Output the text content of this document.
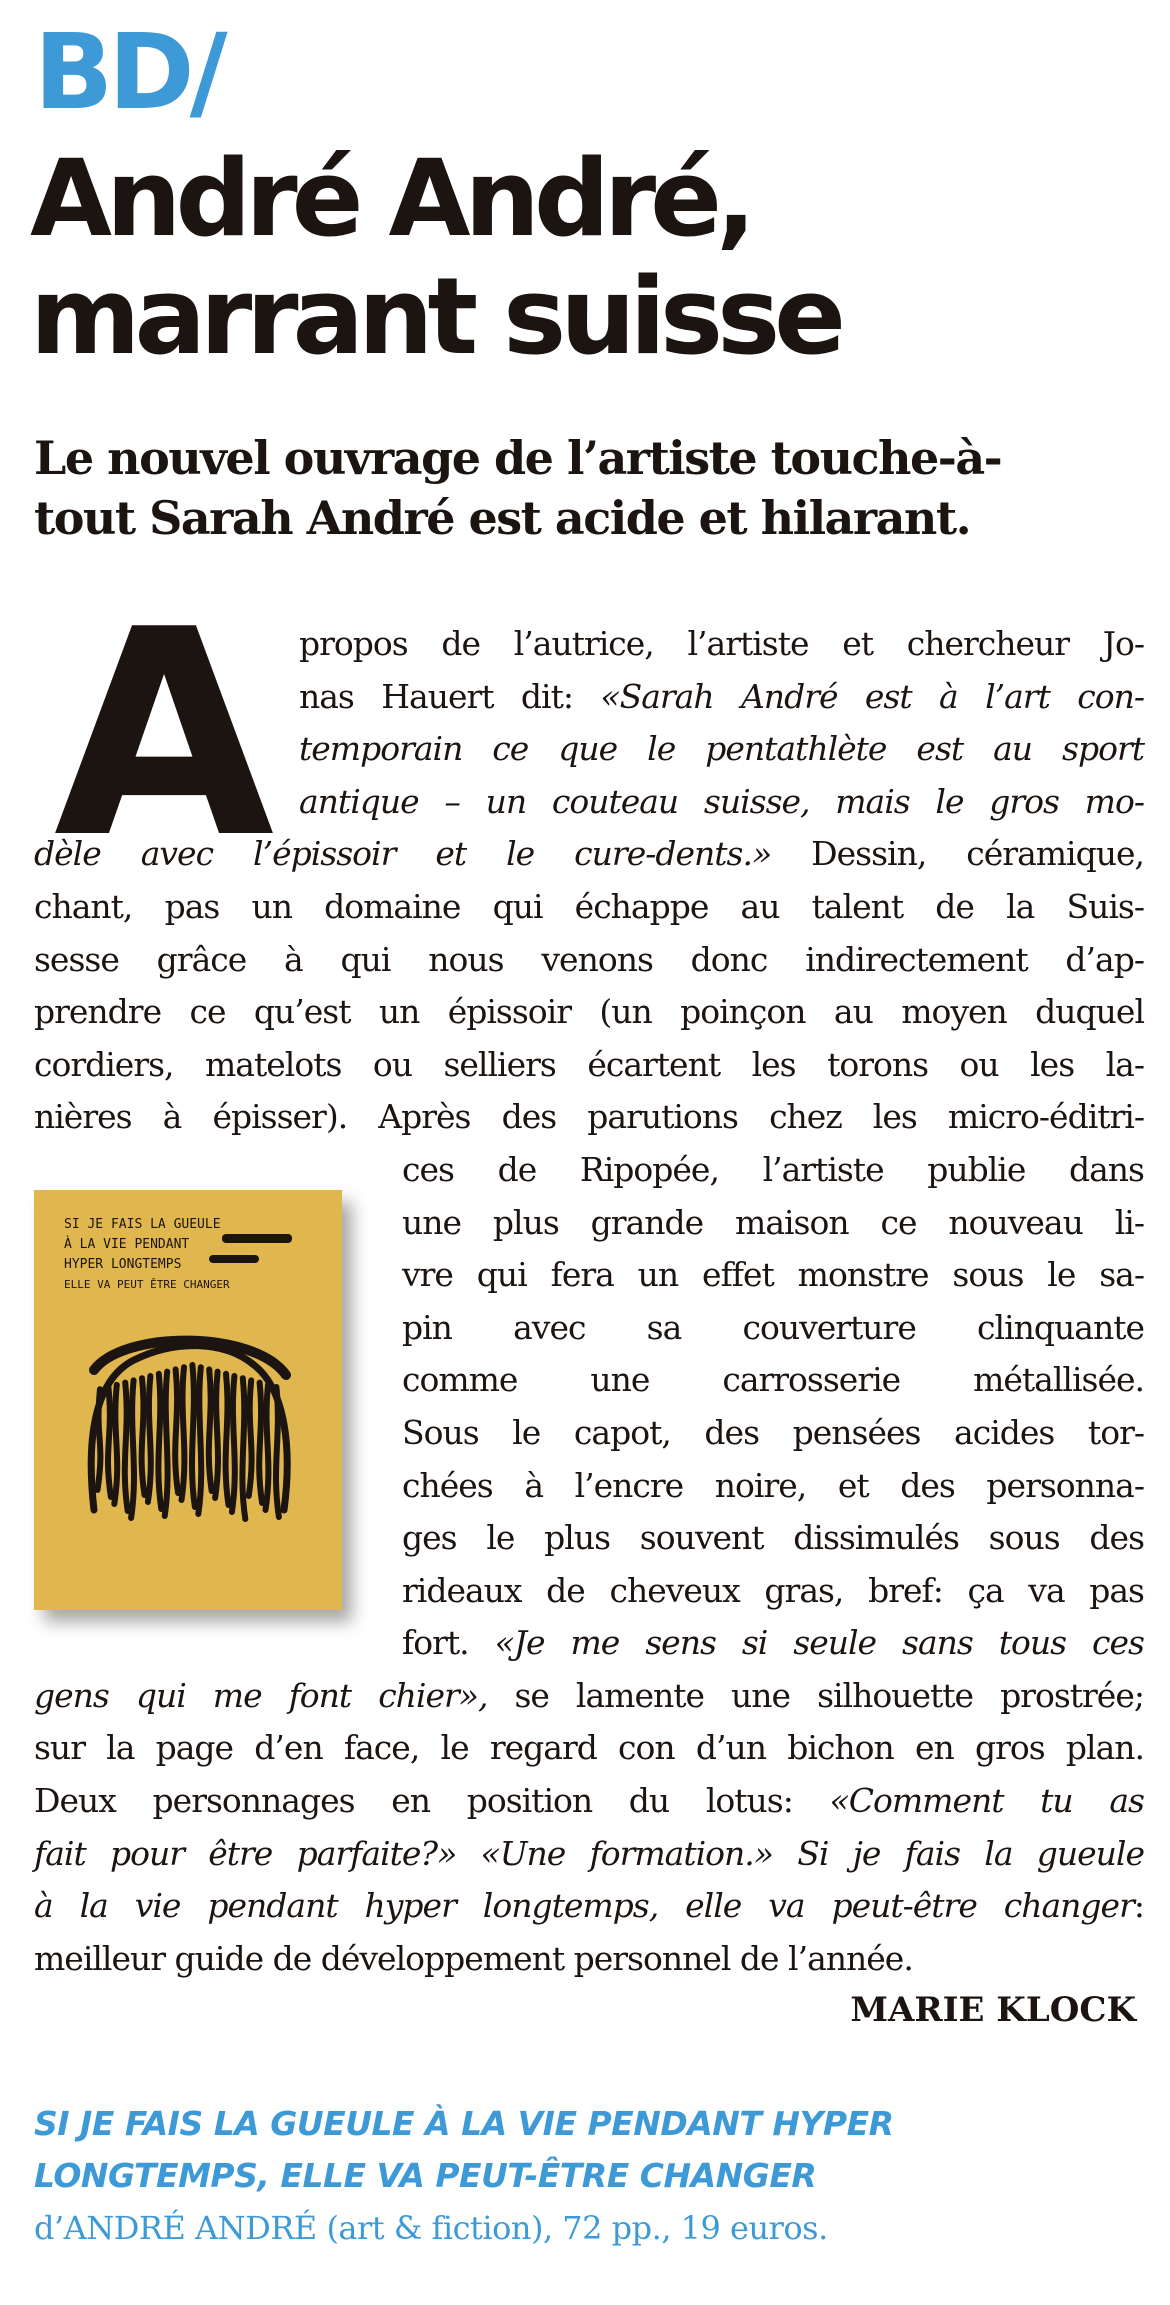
BD/
André André,
marrant suisse
Le nouvel ouvrage de l’artiste touche-à-
tout Sarah André est acide et hilarant.
A	propos de l’autrice, l’artiste et chercheur Jo-
nas Hauert dit: «Sarah André est à l’art con-
temporain ce que le pentathlète est au sport
antique – un couteau suisse, mais le gros mo-
dèle avec l’épissoir et le cure-dents.» Dessin, céramique,
chant, pas un domaine qui échappe au talent de la Suis-
sesse grâce à qui nous venons donc indirectement d’ap-
prendre ce qu’est un épissoir (un poinçon au moyen duquel
cordiers, matelots ou selliers écartent les torons ou les la-
nières à épisser). Après des parutions chez les micro-éditri-
ces de Ripopée, l’artiste publie dans
une plus grande maison ce nouveau li-
vre qui fera un effet monstre sous le sa-
pin avec sa couverture clinquante
comme une carrosserie métallisée.
Sous le capot, des pensées acides tor-
chées à l’encre noire, et des personna-
ges le plus souvent dissimulés sous des
rideaux de cheveux gras, bref: ça va pas
fort. «Je me sens si seule sans tous ces
gens qui me font chier», se lamente une silhouette prostrée;
sur la page d’en face, le regard con d’un bichon en gros plan.
Deux personnages en position du lotus: «Comment tu as
fait pour être parfaite?» «Une formation.» Si je fais la gueule
à la vie pendant hyper longtemps, elle va peut-être changer:
meilleur guide de développement personnel de l’année.
SI JE FAIS LA GUEULE
À LA VIE PENDANT
HYPER LONGTEMPS
ELLE VA PEUT ÊTRE CHANGER
MARIE KLOCK
SI JE FAIS LA GUEULE À LA VIE PENDANT HYPER
LONGTEMPS, ELLE VA PEUT-ÊTRE CHANGER
d’ANDRÉ ANDRÉ (art & fiction), 72 pp., 19 euros.
